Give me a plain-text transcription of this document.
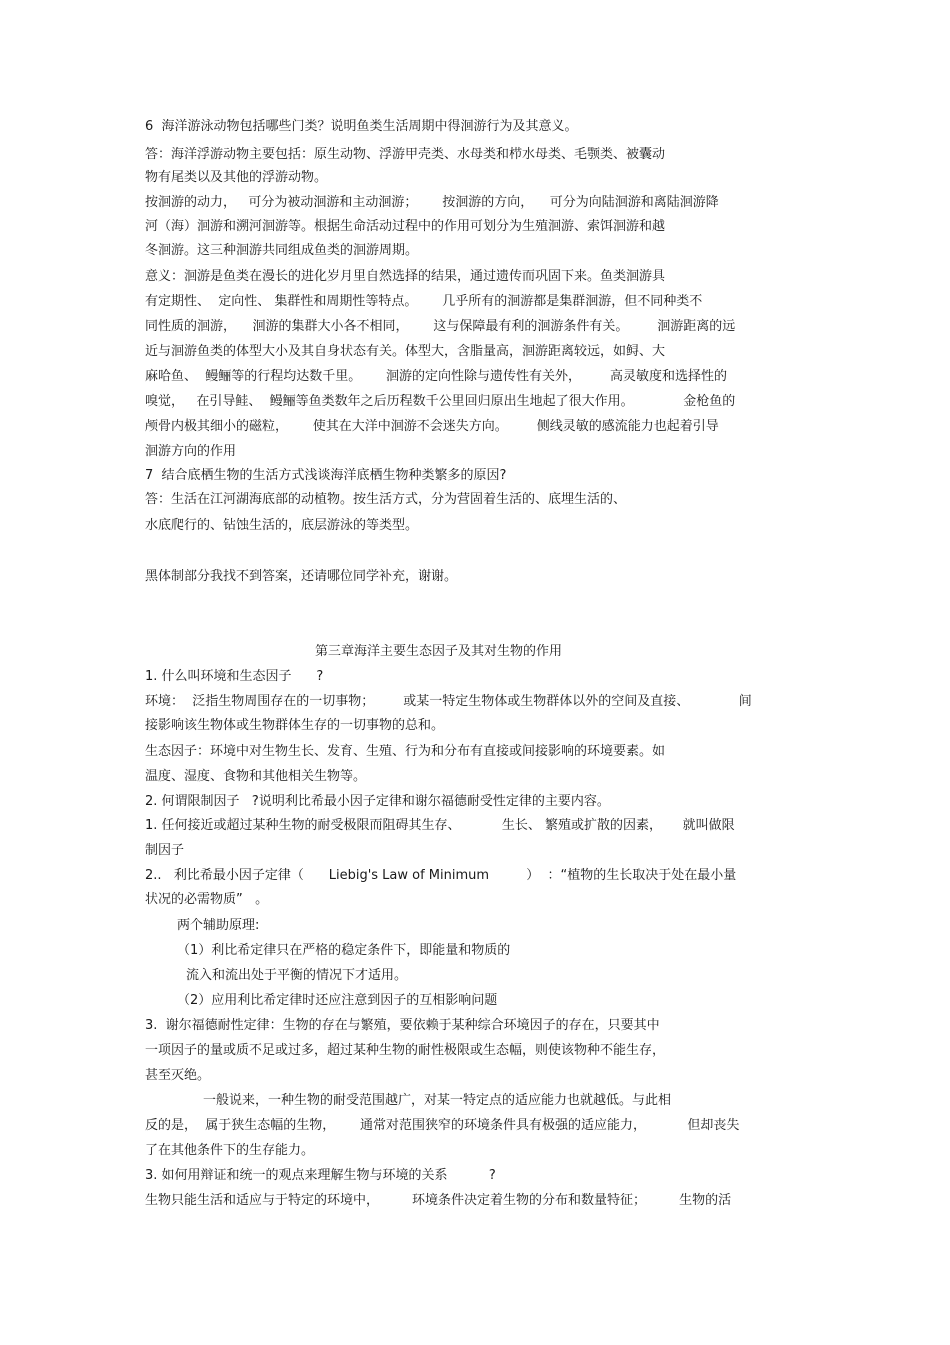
6  海洋游泳动物包括哪些门类？说明鱼类生活周期中得洄游行为及其意义。

答：海洋浮游动物主要包括：原生动物、浮游甲壳类、水母类和栉水母类、毛颚类、被囊动

物有尾类以及其他的浮游动物。

按洄游的动力，   可分为被动洄游和主动洄游；      按洄游的方向，    可分为向陆洄游和离陆洄游降

河（海）洄游和溯河洄游等。根据生命活动过程中的作用可划分为生殖洄游、索饵洄游和越

冬洄游。这三种洄游共同组成鱼类的洄游周期。

意义：洄游是鱼类在漫长的进化岁月里自然选择的结果，通过遗传而巩固下来。鱼类洄游具

有定期性、  定向性、 集群性和周期性等特点。      几乎所有的洄游都是集群洄游，但不同种类不

同性质的洄游，    洄游的集群大小各不相同，      这与保障最有利的洄游条件有关。       洄游距离的远

近与洄游鱼类的体型大小及其自身状态有关。体型大，含脂量高，洄游距离较远，如鲟、大

麻哈鱼、  鳗鲡等的行程均达数千里。      洄游的定向性除与遗传性有关外，       高灵敏度和选择性的

嗅觉，   在引导鲑、  鳗鲡等鱼类数年之后历程数千公里回归原出生地起了很大作用。            金枪鱼的

颅骨内极其细小的磁粒，      使其在大洋中洄游不会迷失方向。       侧线灵敏的感流能力也起着引导

洄游方向的作用

7  结合底栖生物的生活方式浅谈海洋底栖生物种类繁多的原因?

答：生活在江河湖海底部的动植物。按生活方式，分为营固着生活的、底埋生活的、

水底爬行的、钻蚀生活的，底层游泳的等类型。

黑体制部分我找不到答案，还请哪位同学补充，谢谢。

第三章海洋主要生态因子及其对生物的作用

1. 什么叫环境和生态因子      ?

环境：  泛指生物周围存在的一切事物；       或某一特定生物体或生物群体以外的空间及直接、            间

接影响该生物体或生物群体生存的一切事物的总和。

生态因子：环境中对生物生长、发育、生殖、行为和分布有直接或间接影响的环境要素。如

温度、湿度、食物和其他相关生物等。

2. 何谓限制因子   ?说明利比希最小因子定律和谢尔福德耐受性定律的主要内容。

1. 任何接近或超过某种生物的耐受极限而阻碍其生存、          生长、 繁殖或扩散的因素，     就叫做限

制因子

2..   利比希最小因子定律（      Liebig's Law of Minimum         ）  ：“植物的生长取决于处在最小量

状况的必需物质”   。

两个辅助原理:

（1）利比希定律只在严格的稳定条件下，即能量和物质的

流入和流出处于平衡的情况下才适用。

（2）应用利比希定律时还应注意到因子的互相影响问题

3.  谢尔福德耐性定律：生物的存在与繁殖，要依赖于某种综合环境因子的存在，只要其中

一项因子的量或质不足或过多，超过某种生物的耐性极限或生态幅，则使该物种不能生存，

甚至灭绝。

一般说来，一种生物的耐受范围越广，对某一特定点的适应能力也就越低。与此相

反的是，  属于狭生态幅的生物，      通常对范围狭窄的环境条件具有极强的适应能力，          但却丧失

了在其他条件下的生存能力。

3. 如何用辩证和统一的观点来理解生物与环境的关系          ?

生物只能生活和适应与于特定的环境中，        环境条件决定着生物的分布和数量特征；        生物的活
